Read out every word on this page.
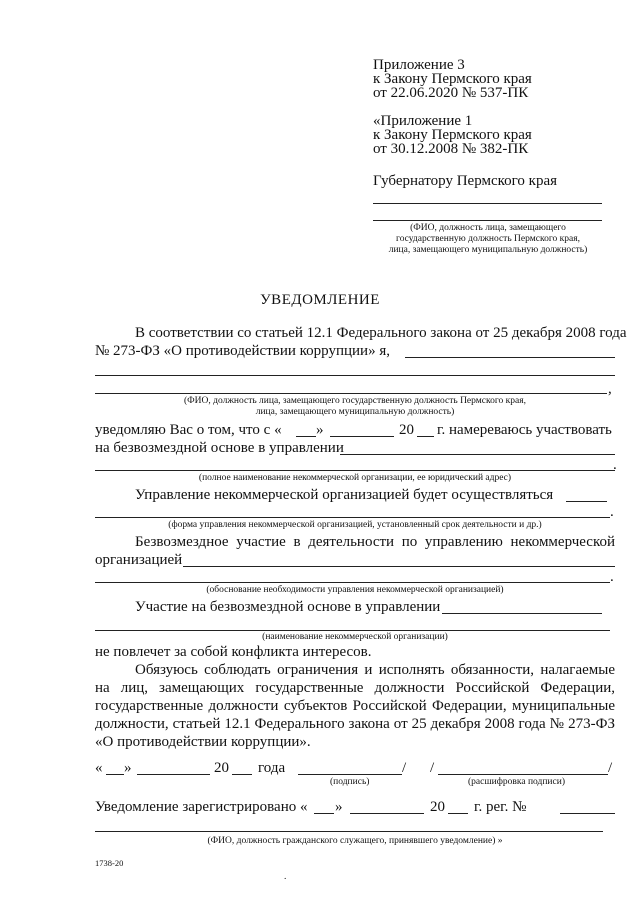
Приложение 3
к Закону Пермского края
от 22.06.2020 № 537-ПК
«Приложение 1
к Закону Пермского края
от 30.12.2008 № 382-ПК
Губернатору Пермского края
(ФИО, должность лица, замещающего
государственную должность Пермского края,
лица, замещающего муниципальную должность)
УВЕДОМЛЕНИЕ
В соответствии со статьей 12.1 Федерального закона от 25 декабря 2008 года
№ 273-ФЗ «О противодействии коррупции» я,
,
(ФИО, должность лица, замещающего государственную должность Пермского края,
лица, замещающего муниципальную должность)
уведомляю Вас о том, что с « »	20 г. намереваюсь участвовать
на безвозмездной основе в управлении
.
(полное наименование некоммерческой организации, ее юридический адрес)
Управление некоммерческой организацией будет осуществляться
.
(форма управления некоммерческой организацией, установленный срок деятельности и др.)
Безвозмездное участие в деятельности по управлению некоммерческой
организацией
.
(обоснование необходимости управления некоммерческой организацией)
Участие на безвозмездной основе в управлении
(наименование некоммерческой организации)
не повлечет за собой конфликта интересов.
Обязуюсь соблюдать ограничения и исполнять обязанности, налагаемые
на лиц, замещающих государственные должности Российской Федерации,
государственные должности субъектов Российской Федерации, муниципальные
должности, статьей 12.1 Федерального закона от 25 декабря 2008 года № 273-ФЗ
«О противодействии коррупции».
« »	20 года	/ /	/
(подпись)	(расшифровка подписи)
Уведомление зарегистрировано « »	20 г. рег. №
(ФИО, должность гражданского служащего, принявшего уведомление) »
1738-20
.
